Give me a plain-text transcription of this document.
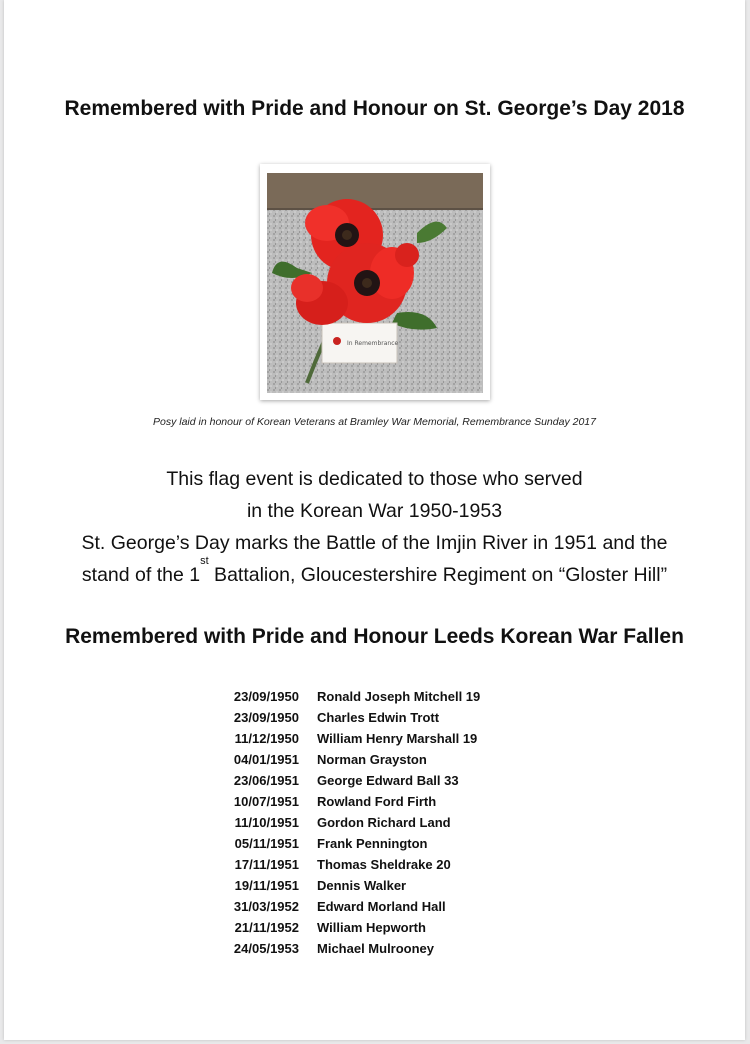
Remembered with Pride and Honour on St. George’s Day 2018
In Remembrance
Posy laid in honour of Korean Veterans at Bramley War Memorial, Remembrance Sunday 2017
This flag event is dedicated to those who served
in the Korean War 1950-1953
St. George’s Day marks the Battle of the Imjin River in 1951 and the
stand of the 1st Battalion, Gloucestershire Regiment on “Gloster Hill”
Remembered with Pride and Honour Leeds Korean War Fallen
23/09/1950 Ronald Joseph Mitchell 19
23/09/1950 Charles Edwin Trott
11/12/1950 William Henry Marshall 19
04/01/1951 Norman Grayston
23/06/1951 George Edward Ball 33
10/07/1951 Rowland Ford Firth
11/10/1951 Gordon Richard Land
05/11/1951 Frank Pennington
17/11/1951 Thomas Sheldrake 20
19/11/1951 Dennis Walker
31/03/1952 Edward Morland Hall
21/11/1952 William Hepworth
24/05/1953 Michael Mulrooney
